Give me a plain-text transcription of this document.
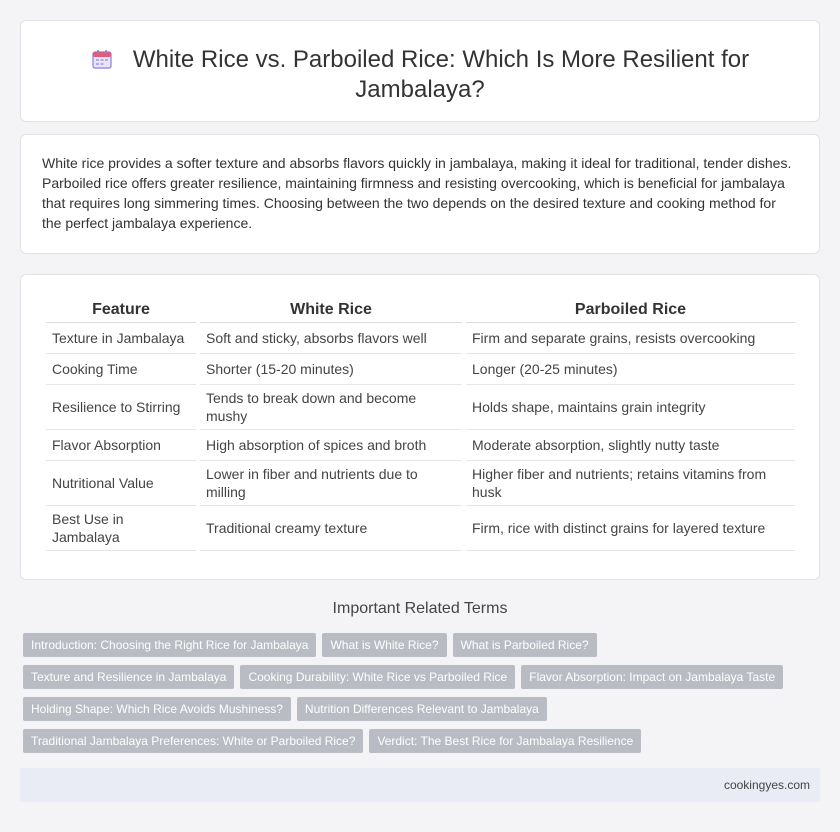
White Rice vs. Parboiled Rice: Which Is More Resilient for Jambalaya?

White rice provides a softer texture and absorbs flavors quickly in jambalaya, making it ideal for traditional, tender dishes. Parboiled rice offers greater resilience, maintaining firmness and resisting overcooking, which is beneficial for jambalaya that requires long simmering times. Choosing between the two depends on the desired texture and cooking method for the perfect jambalaya experience.

Feature	White Rice	Parboiled Rice
Texture in Jambalaya	Soft and sticky, absorbs flavors well	Firm and separate grains, resists overcooking
Cooking Time	Shorter (15-20 minutes)	Longer (20-25 minutes)
Resilience to Stirring	Tends to break down and become mushy	Holds shape, maintains grain integrity
Flavor Absorption	High absorption of spices and broth	Moderate absorption, slightly nutty taste
Nutritional Value	Lower in fiber and nutrients due to milling	Higher fiber and nutrients; retains vitamins from husk
Best Use in Jambalaya	Traditional creamy texture	Firm, rice with distinct grains for layered texture
Important Related Terms
Introduction: Choosing the Right Rice for Jambalaya	What is White Rice?	What is Parboiled Rice?
Texture and Resilience in Jambalaya	Cooking Durability: White Rice vs Parboiled Rice	Flavor Absorption: Impact on Jambalaya Taste
Holding Shape: Which Rice Avoids Mushiness?	Nutrition Differences Relevant to Jambalaya
Traditional Jambalaya Preferences: White or Parboiled Rice?	Verdict: The Best Rice for Jambalaya Resilience
cookingyes.com
